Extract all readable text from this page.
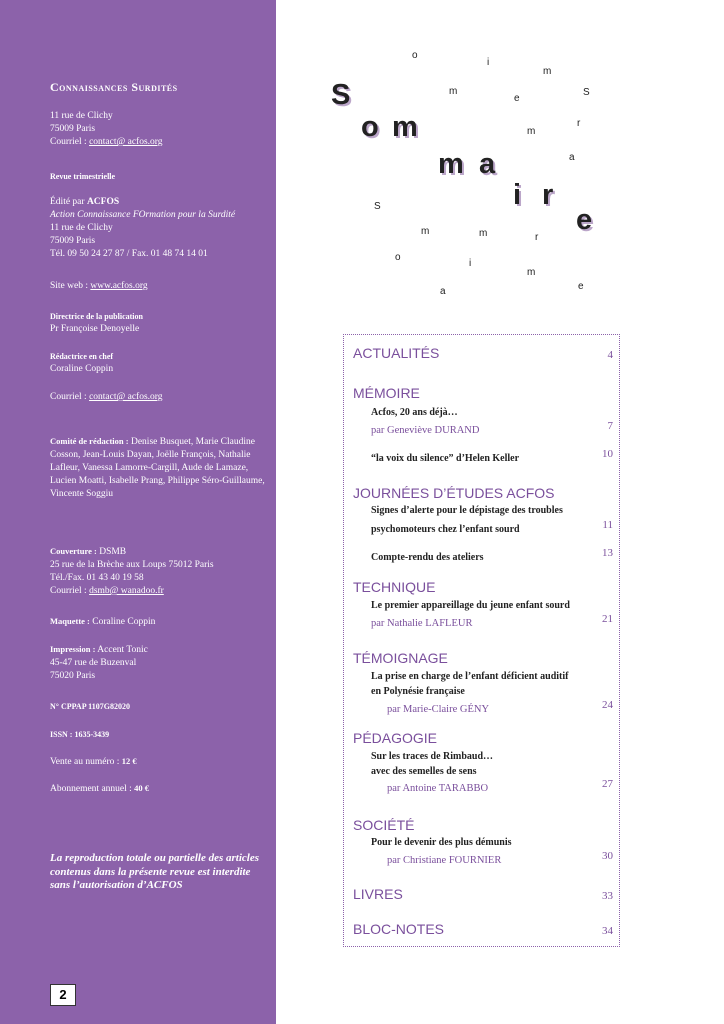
Connaissances Surdités
11 rue de Clichy
75009 Paris
Courriel : contact@ acfos.org
Revue trimestrielle
Édité par ACFOS
Action Connaissance FOrmation pour la Surdité
11 rue de Clichy
75009 Paris
Tél. 09 50 24 27 87 / Fax. 01 48 74 14 01
Site web : www.acfos.org
Directrice de la publication
Pr Françoise Denoyelle
Rédactrice en chef
Coraline Coppin
Courriel : contact@ acfos.org
Comité de rédaction : Denise Busquet, Marie Claudine Cosson, Jean-Louis Dayan, Joëlle François, Nathalie Lafleur, Vanessa Lamorre-Cargill, Aude de Lamaze, Lucien Moatti, Isabelle Prang, Philippe Séro-Guillaume, Vincente Soggiu
Couverture : DSMB
25 rue de la Brèche aux Loups 75012 Paris
Tél./Fax. 01 43 40 19 58
Courriel : dsmb@ wanadoo.fr
Maquette : Coraline Coppin
Impression : Accent Tonic
45-47 rue de Buzenval
75020 Paris
N° CPPAP 1107G82020
ISSN : 1635-3439
Vente au numéro : 12 €
Abonnement annuel : 40 €
La reproduction totale ou partielle des articles contenus dans la présente revue est interdite sans l’autorisation d’ACFOS
2
o
i
m
m
e
S
r
m
a
S
m	m	r
o
i
m
e
a
S
o m
m a
i r
e
ACTUALITÉS	4
MÉMOIRE
Acfos, 20 ans déjà…
par Geneviève DURAND	7
“la voix du silence” d’Helen Keller	10
JOURNÉES D’ÉTUDES ACFOS
Signes d’alerte pour le dépistage des troubles
psychomoteurs chez l’enfant sourd	11
Compte-rendu des ateliers	13
TECHNIQUE
Le premier appareillage du jeune enfant sourd
par Nathalie LAFLEUR	21
TÉMOIGNAGE
La prise en charge de l’enfant déficient auditif
en Polynésie française
par Marie-Claire GÉNY	24
PÉDAGOGIE
Sur les traces de Rimbaud…
avec des semelles de sens
par Antoine TARABBO	27
SOCIÉTÉ
Pour le devenir des plus démunis
par Christiane FOURNIER	30
LIVRES	33
BLOC-NOTES	34
